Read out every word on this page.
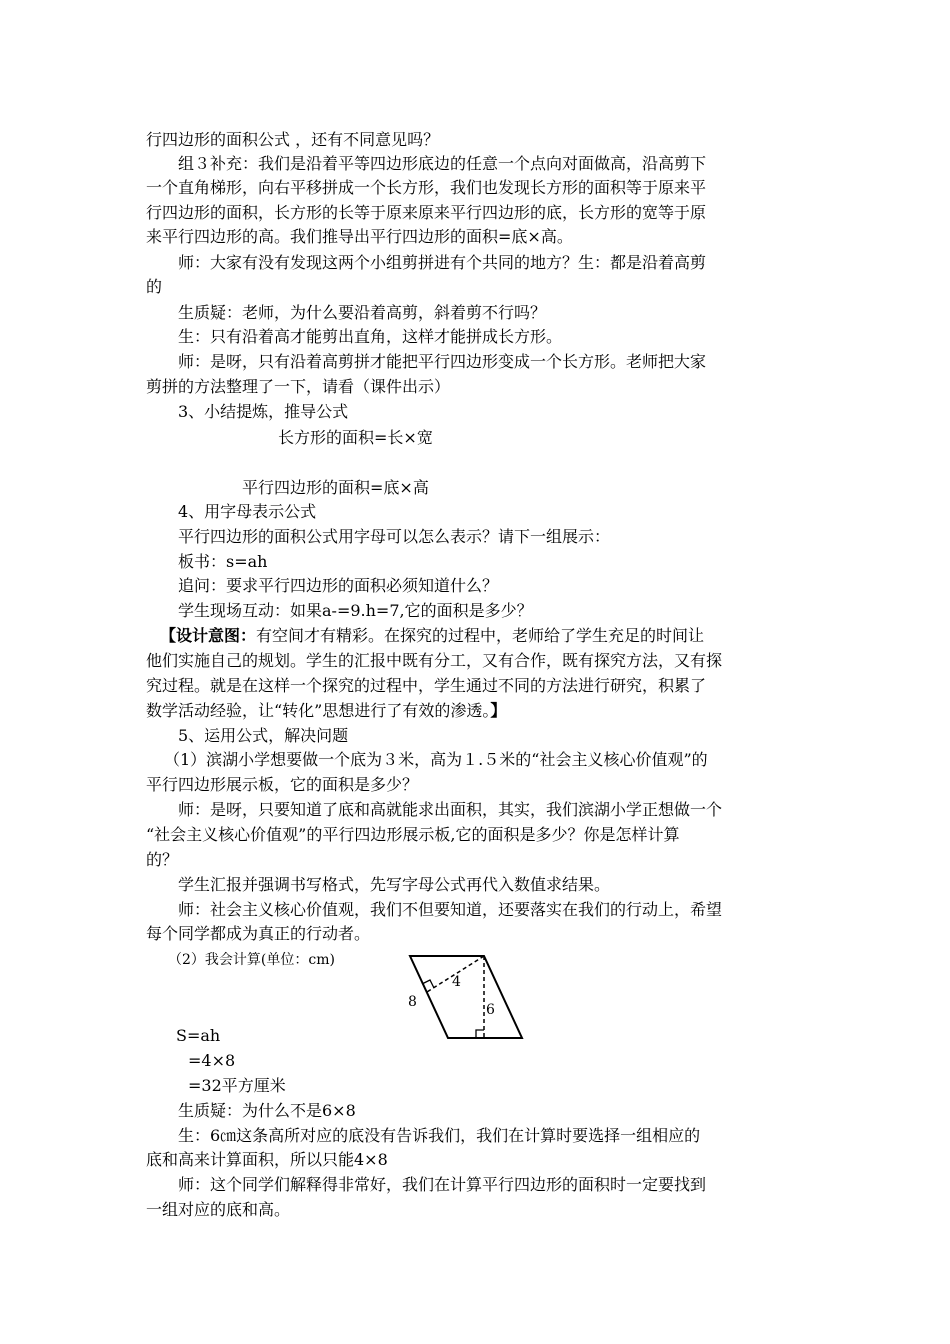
行四边形的面积公式 ，还有不同意见吗？
组３补充：我们是沿着平等四边形底边的任意一个点向对面做高，沿高剪下
一个直角梯形，向右平移拼成一个长方形，我们也发现长方形的面积等于原来平
行四边形的面积，长方形的长等于原来原来平行四边形的底，长方形的宽等于原
来平行四边形的高。我们推导出平行四边形的面积=底×高。
师：大家有没有发现这两个小组剪拼进有个共同的地方？生：都是沿着高剪
的
生质疑：老师，为什么要沿着高剪，斜着剪不行吗？
生：只有沿着高才能剪出直角，这样才能拼成长方形。
师：是呀，只有沿着高剪拼才能把平行四边形变成一个长方形。老师把大家
剪拼的方法整理了一下，请看（课件出示）
3、小结提炼，推导公式
长方形的面积=长×宽
平行四边形的面积=底×高
4、用字母表示公式
平行四边形的面积公式用字母可以怎么表示？请下一组展示：
板书：s=ah
追问：要求平行四边形的面积必须知道什么？
学生现场互动：如果a-=9.h=7,它的面积是多少？
【设计意图：有空间才有精彩。在探究的过程中，老师给了学生充足的时间让
他们实施自己的规划。学生的汇报中既有分工，又有合作，既有探究方法，又有探
究过程。就是在这样一个探究的过程中，学生通过不同的方法进行研究，积累了
数学活动经验，让“转化”思想进行了有效的渗透。】
5、运用公式，解决问题
（1）滨湖小学想要做一个底为３米，高为１.５米的“社会主义核心价值观”的
平行四边形展示板，它的面积是多少？
师：是呀，只要知道了底和高就能求出面积，其实，我们滨湖小学正想做一个
“社会主义核心价值观”的平行四边形展示板,它的面积是多少？你是怎样计算
的？
学生汇报并强调书写格式，先写字母公式再代入数值求结果。
师：社会主义核心价值观，我们不但要知道，还要落实在我们的行动上，希望
每个同学都成为真正的行动者。
（2）我会计算(单位：cm)
8
4
6
S=ah
=4×8
=32平方厘米
生质疑：为什么不是6×8
生：6㎝这条高所对应的底没有告诉我们，我们在计算时要选择一组相应的
底和高来计算面积，所以只能4×8
师：这个同学们解释得非常好，我们在计算平行四边形的面积时一定要找到
一组对应的底和高。
